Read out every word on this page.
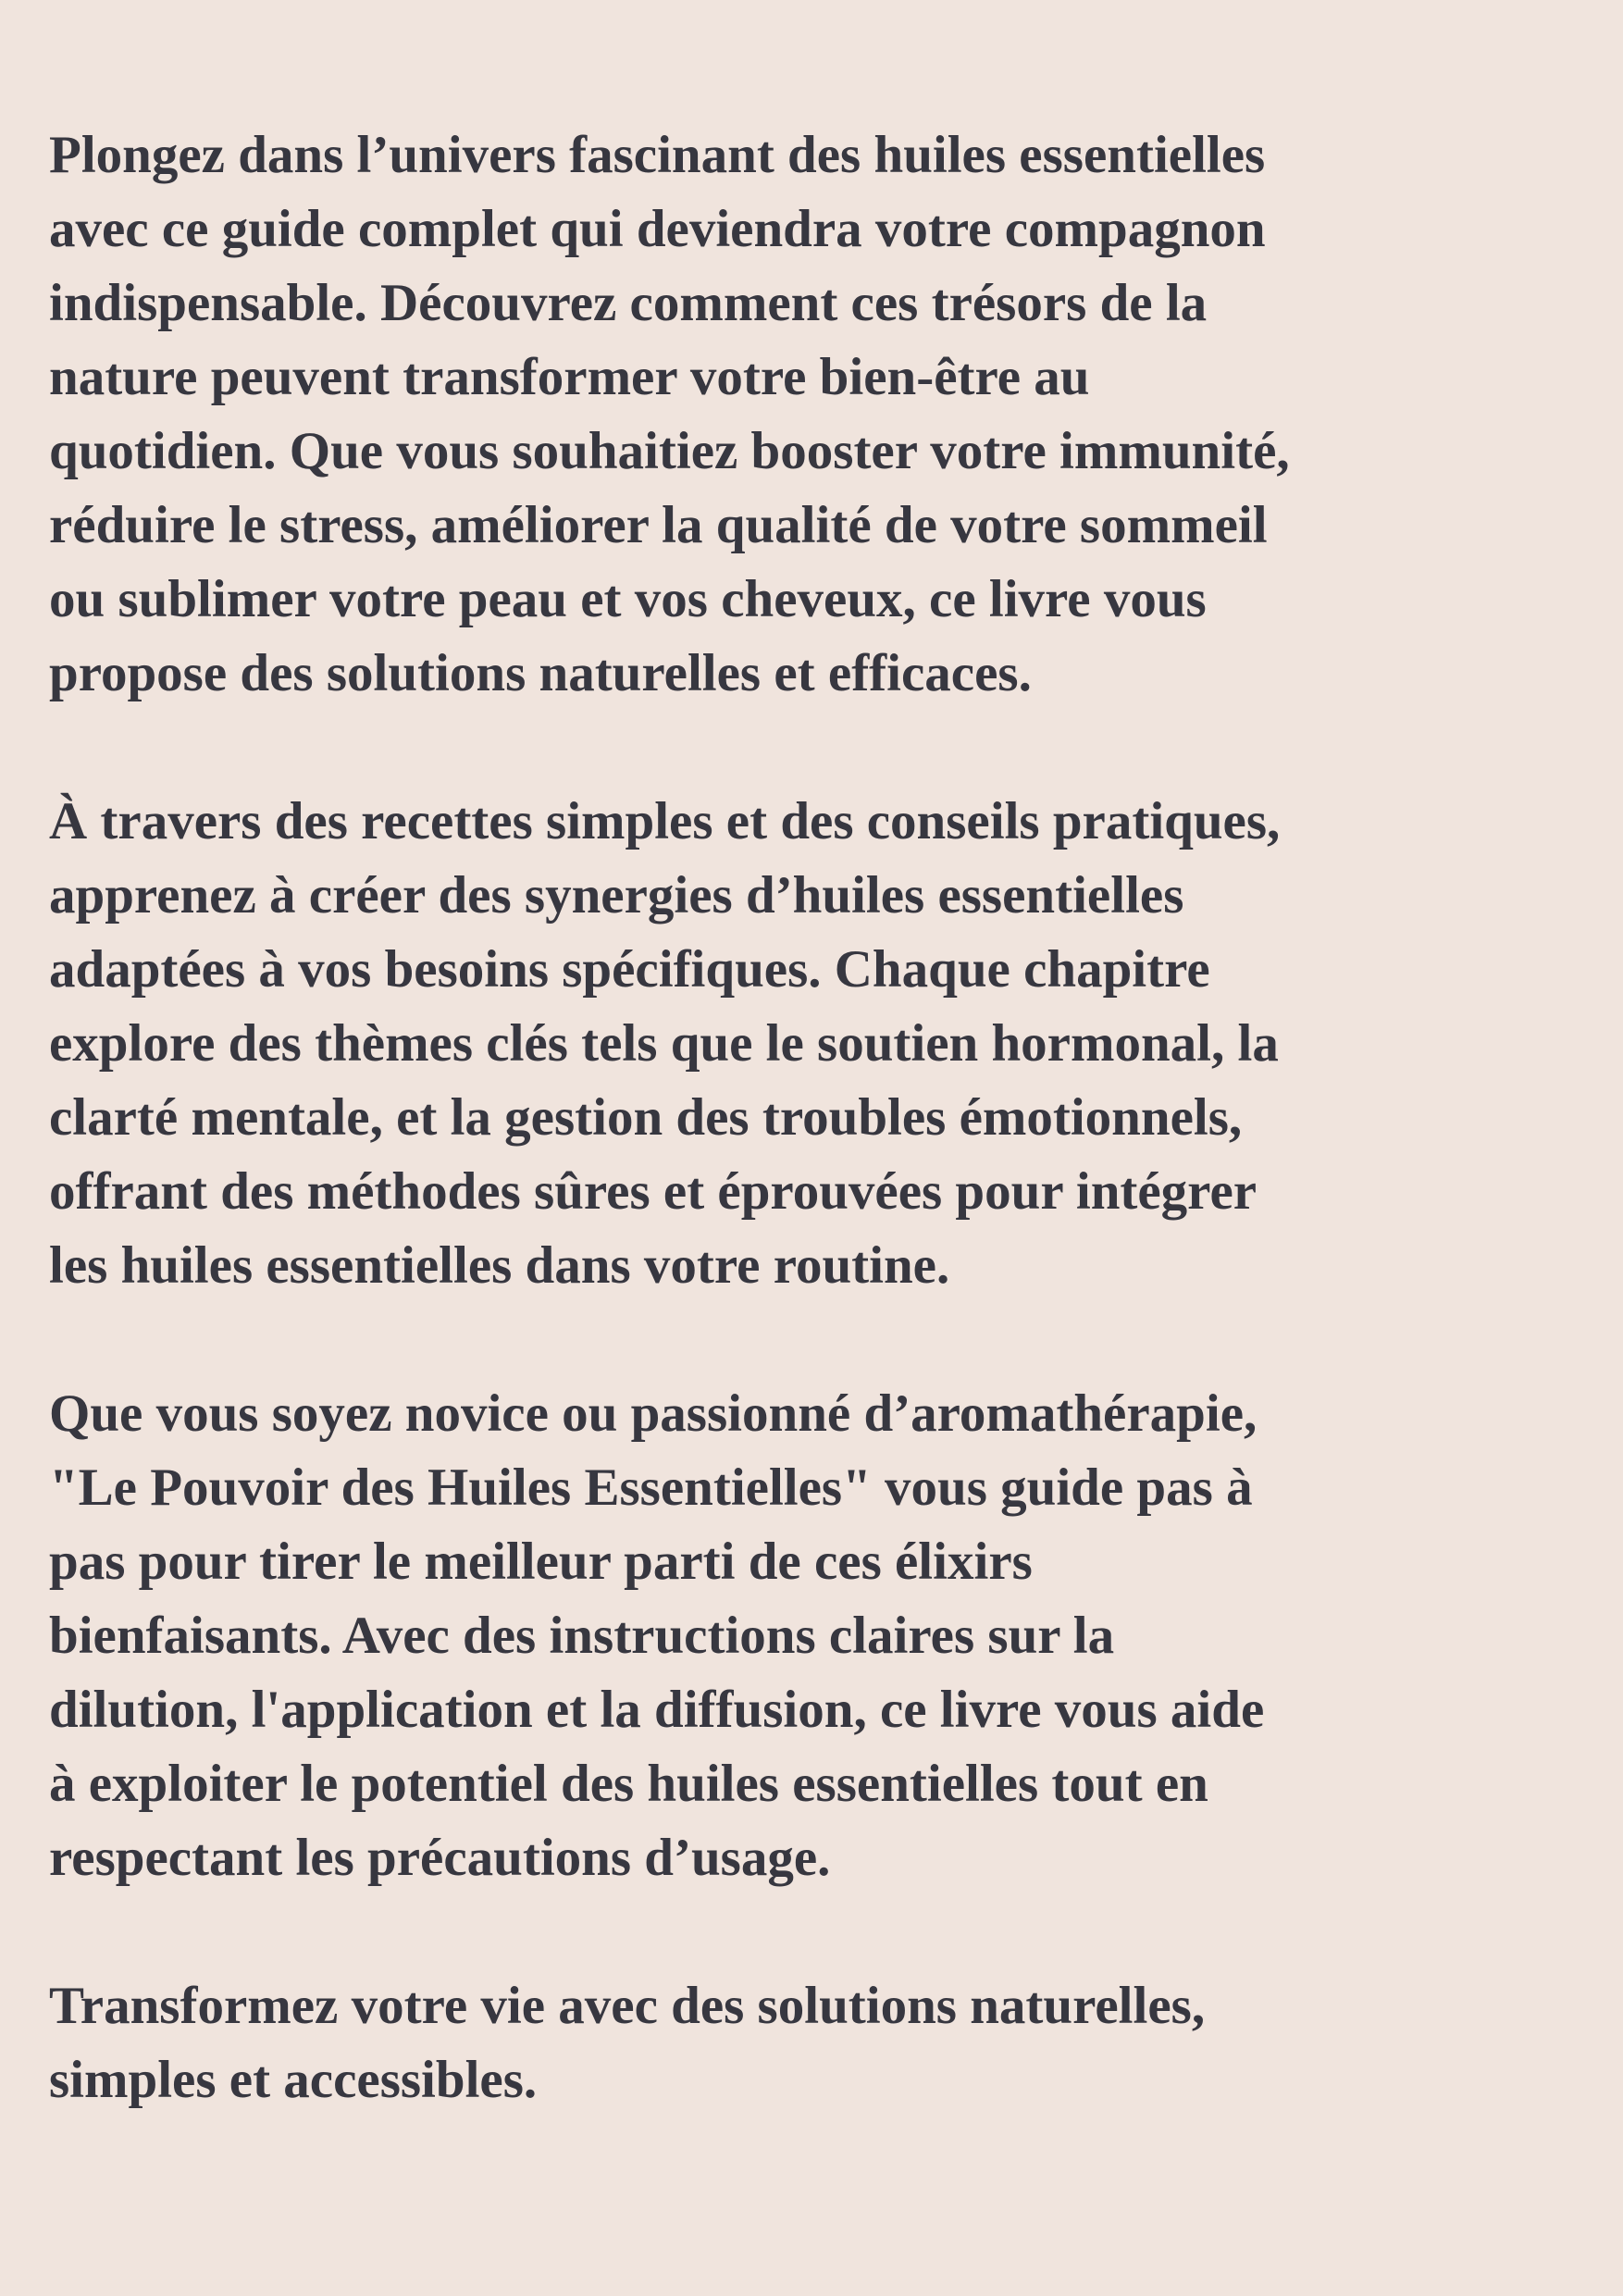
Plongez dans l’univers fascinant des huiles essentielles
avec ce guide complet qui deviendra votre compagnon
indispensable. Découvrez comment ces trésors de la
nature peuvent transformer votre bien-être au
quotidien. Que vous souhaitiez booster votre immunité,
réduire le stress, améliorer la qualité de votre sommeil
ou sublimer votre peau et vos cheveux, ce livre vous
propose des solutions naturelles et efficaces.
À travers des recettes simples et des conseils pratiques,
apprenez à créer des synergies d’huiles essentielles
adaptées à vos besoins spécifiques. Chaque chapitre
explore des thèmes clés tels que le soutien hormonal, la
clarté mentale, et la gestion des troubles émotionnels,
offrant des méthodes sûres et éprouvées pour intégrer
les huiles essentielles dans votre routine.
Que vous soyez novice ou passionné d’aromathérapie,
"Le Pouvoir des Huiles Essentielles" vous guide pas à
pas pour tirer le meilleur parti de ces élixirs
bienfaisants. Avec des instructions claires sur la
dilution, l'application et la diffusion, ce livre vous aide
à exploiter le potentiel des huiles essentielles tout en
respectant les précautions d’usage.
Transformez votre vie avec des solutions naturelles,
simples et accessibles.
